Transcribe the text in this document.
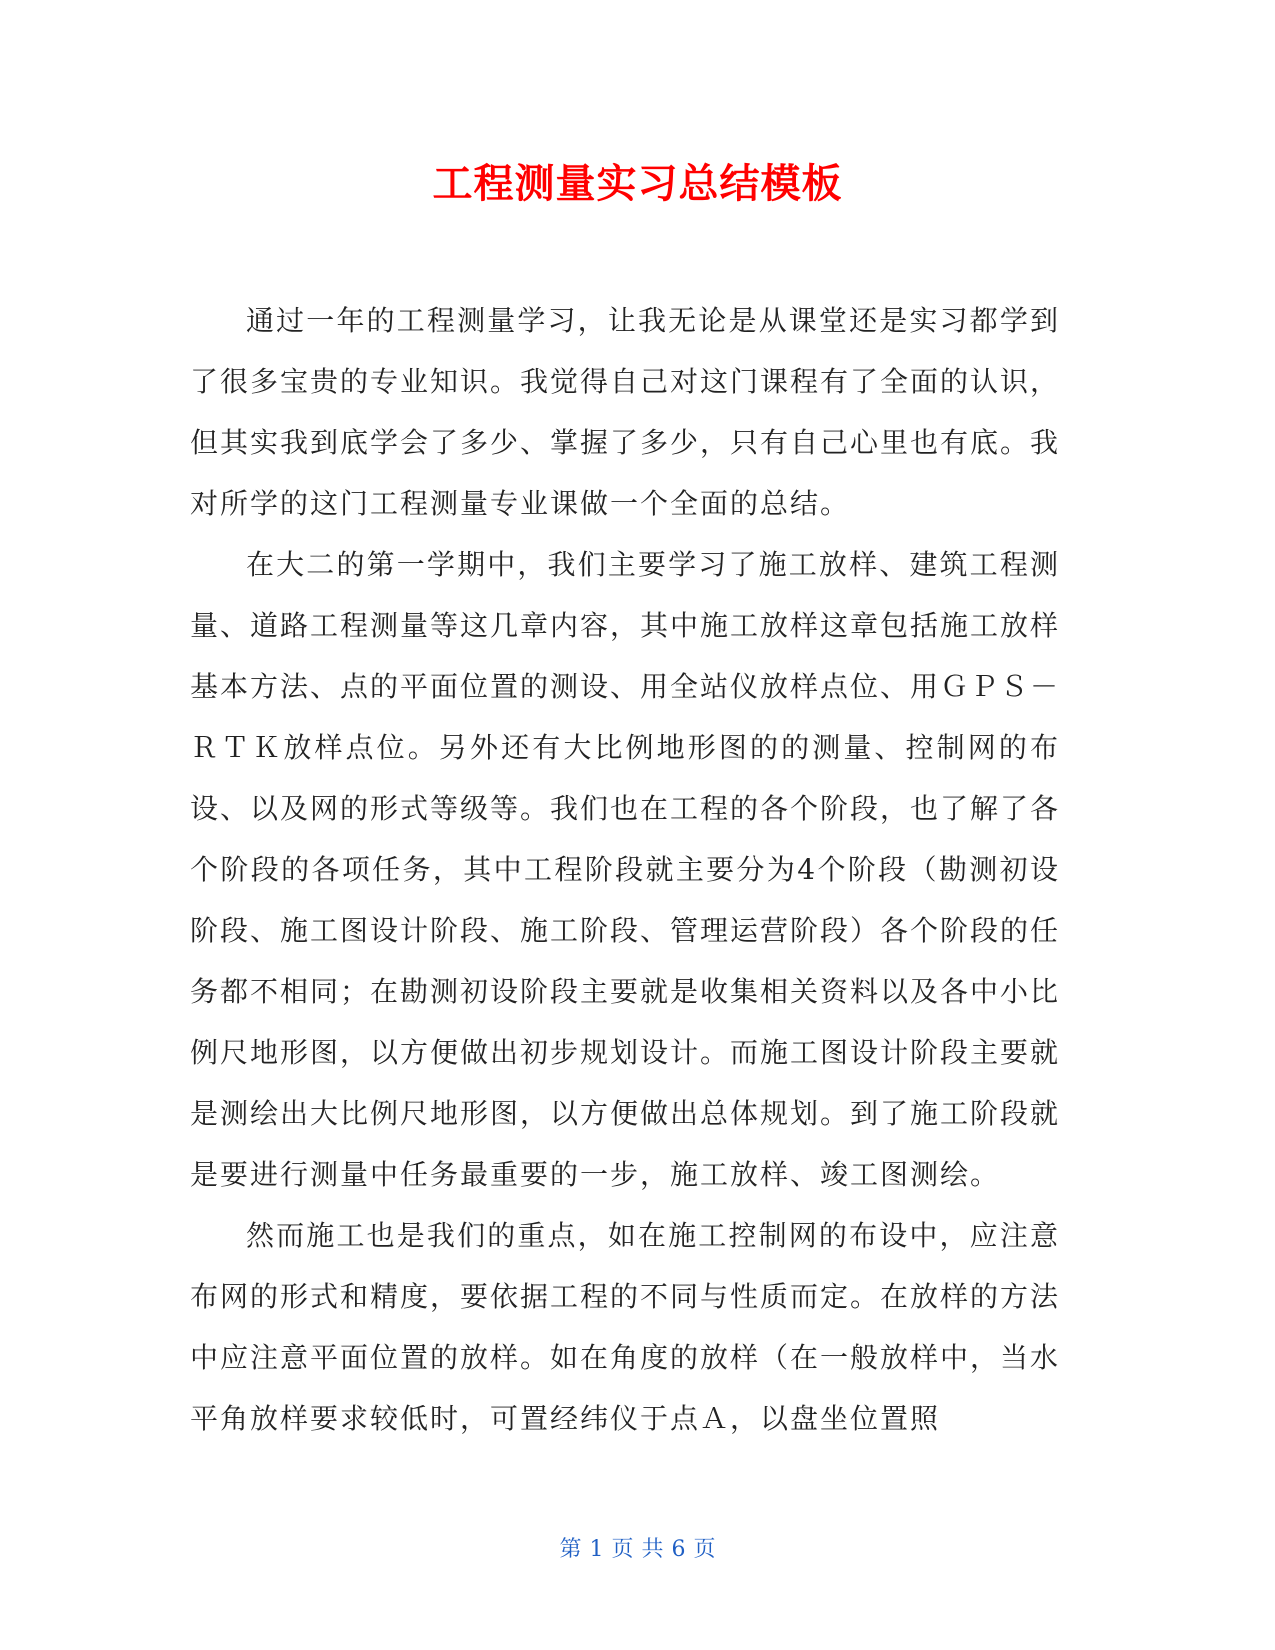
工程测量实习总结模板

通过一年的工程测量学习，让我无论是从课堂还是实习都学到了很多宝贵的专业知识。我觉得自己对这门课程有了全面的认识，但其实我到底学会了多少、掌握了多少，只有自己心里也有底。我对所学的这门工程测量专业课做一个全面的总结。

在大二的第一学期中，我们主要学习了施工放样、建筑工程测量、道路工程测量等这几章内容，其中施工放样这章包括施工放样基本方法、点的平面位置的测设、用全站仪放样点位、用ＧＰＳ－ＲＴＫ放样点位。另外还有大比例地形图的的测量、控制网的布设、以及网的形式等级等。我们也在工程的各个阶段，也了解了各个阶段的各项任务，其中工程阶段就主要分为4个阶段（勘测初设阶段、施工图设计阶段、施工阶段、管理运营阶段）各个阶段的任务都不相同；在勘测初设阶段主要就是收集相关资料以及各中小比例尺地形图，以方便做出初步规划设计。而施工图设计阶段主要就是测绘出大比例尺地形图，以方便做出总体规划。到了施工阶段就是要进行测量中任务最重要的一步，施工放样、竣工图测绘。

然而施工也是我们的重点，如在施工控制网的布设中，应注意布网的形式和精度，要依据工程的不同与性质而定。在放样的方法中应注意平面位置的放样。如在角度的放样（在一般放样中，当水平角放样要求较低时，可置经纬仪于点Ａ，以盘坐位置照

第 1 页 共 6 页
